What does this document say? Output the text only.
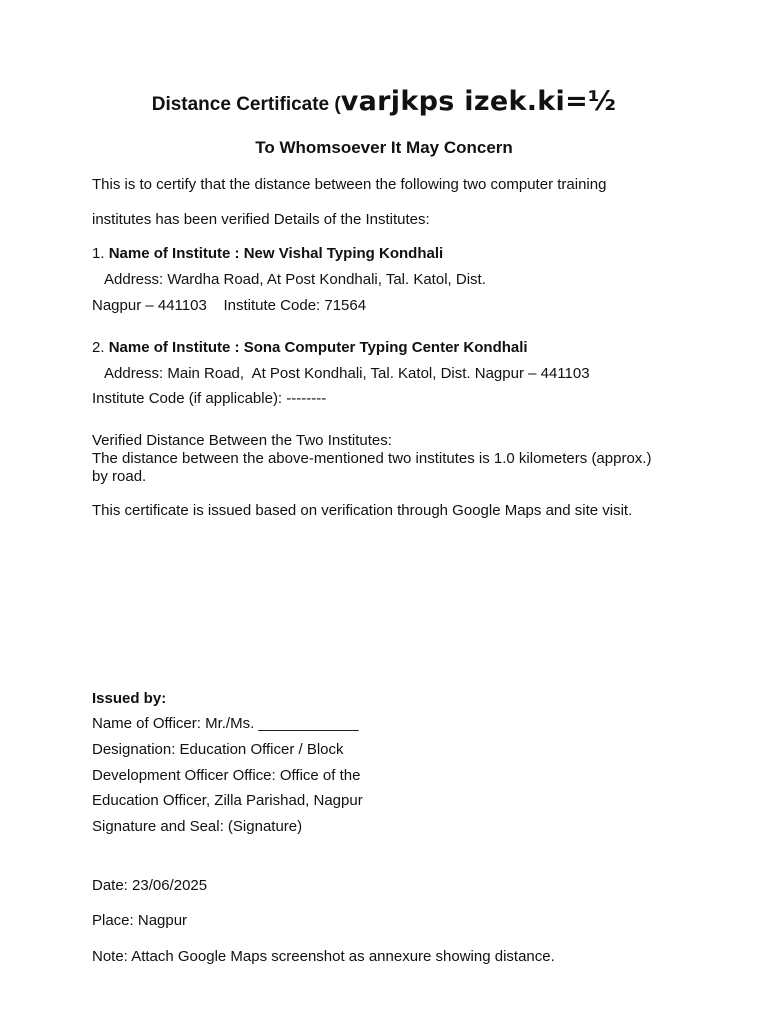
Distance Certificate (varjkps izek.ki=½
To Whomsoever It May Concern
This is to certify that the distance between the following two computer training
institutes has been verified Details of the Institutes:
1. Name of Institute : New Vishal Typing Kondhali
Address: Wardha Road, At Post Kondhali, Tal. Katol, Dist.
Nagpur – 441103    Institute Code: 71564
2. Name of Institute : Sona Computer Typing Center Kondhali
Address: Main Road,  At Post Kondhali, Tal. Katol, Dist. Nagpur – 441103
Institute Code (if applicable): --------
Verified Distance Between the Two Institutes:
The distance between the above-mentioned two institutes is 1.0 kilometers (approx.)
by road.
This certificate is issued based on verification through Google Maps and site visit.
Issued by:
Name of Officer: Mr./Ms. ____________
Designation: Education Officer / Block
Development Officer Office: Office of the
Education Officer, Zilla Parishad, Nagpur
Signature and Seal: (Signature)
Date: 23/06/2025
Place: Nagpur
Note: Attach Google Maps screenshot as annexure showing distance.
